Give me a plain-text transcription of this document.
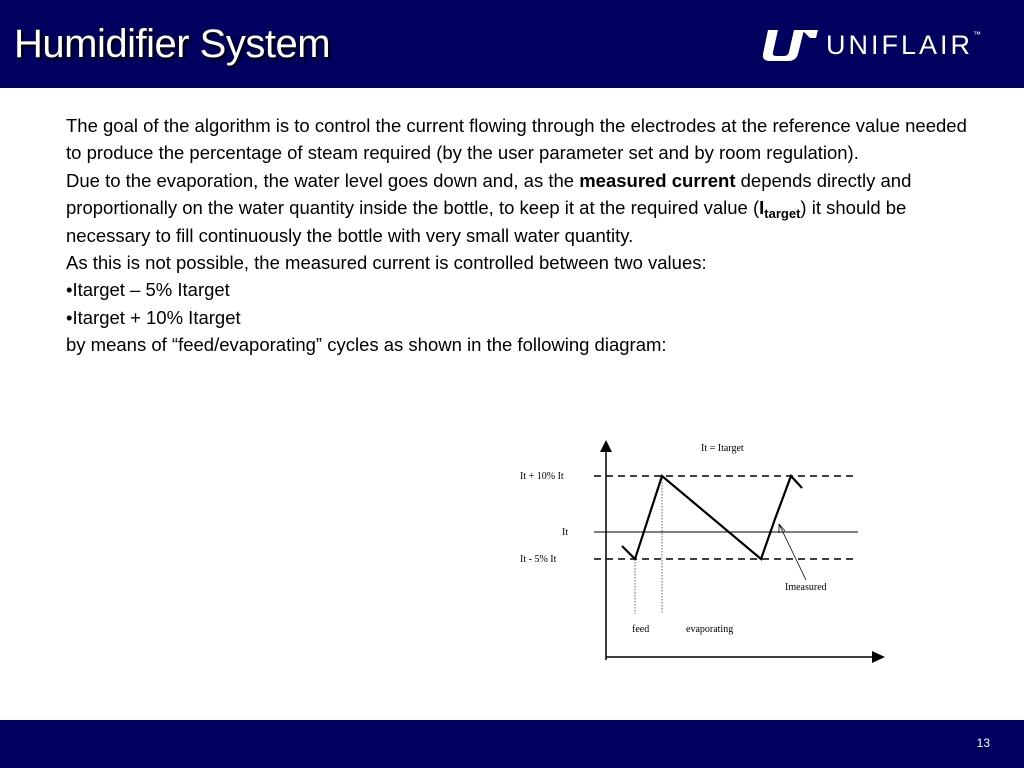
Humidifier System	UNIFLAIR ™

The goal of the algorithm is to control the current flowing through the electrodes at the reference value needed to produce the percentage of steam required (by the user parameter set and by room regulation).

Due to the evaporation, the water level goes down and, as the measured current depends directly and proportionally on the water quantity inside the bottle, to keep it at the required value $(I_{target})$ it should be necessary to fill continuously the bottle with very small water quantity.

As this is not possible, the measured current is controlled between two values:

•Itarget – 5% Itarget

•Itarget + 10% Itarget

by means of “feed/evaporating” cycles as shown in the following diagram:

It = Itarget
It + 10% It
It
It - 5% It
Imeasured
feed	evaporating
13
